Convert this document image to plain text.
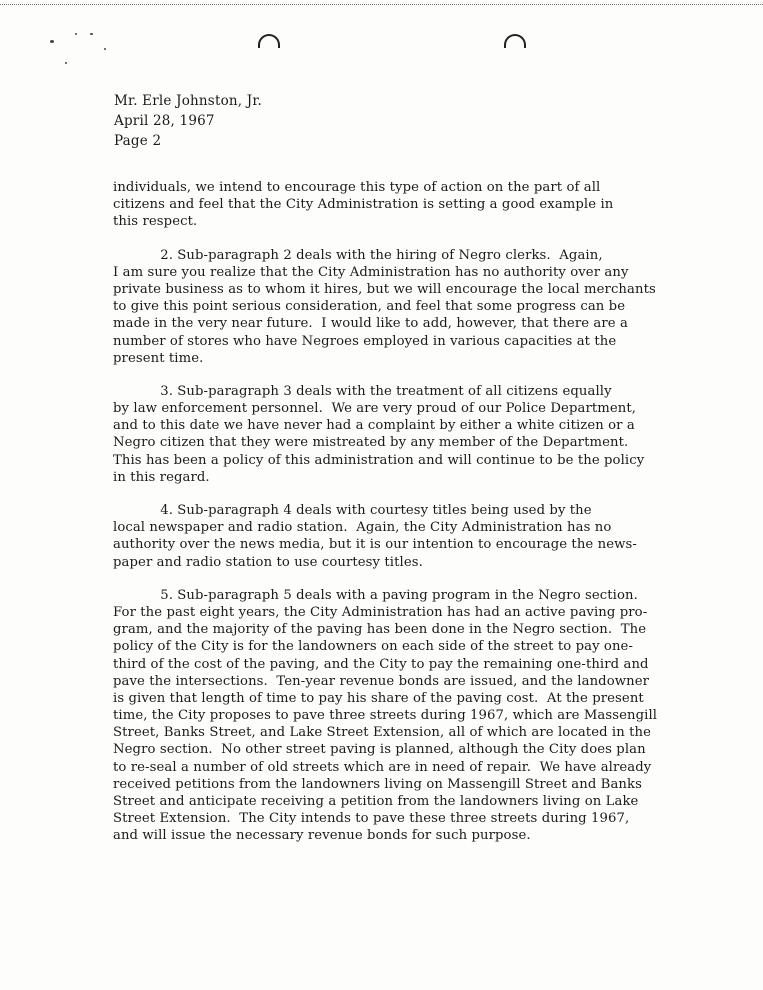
Mr. Erle Johnston, Jr.
April 28, 1967
Page 2
individuals, we intend to encourage this type of action on the part of all
citizens and feel that the City Administration is setting a good example in
this respect.
2. Sub-paragraph 2 deals with the hiring of Negro clerks.  Again,
I am sure you realize that the City Administration has no authority over any
private business as to whom it hires, but we will encourage the local merchants
to give this point serious consideration, and feel that some progress can be
made in the very near future.  I would like to add, however, that there are a
number of stores who have Negroes employed in various capacities at the
present time.
3. Sub-paragraph 3 deals with the treatment of all citizens equally
by law enforcement personnel.  We are very proud of our Police Department,
and to this date we have never had a complaint by either a white citizen or a
Negro citizen that they were mistreated by any member of the Department.
This has been a policy of this administration and will continue to be the policy
in this regard.
4. Sub-paragraph 4 deals with courtesy titles being used by the
local newspaper and radio station.  Again, the City Administration has no
authority over the news media, but it is our intention to encourage the news-
paper and radio station to use courtesy titles.
5. Sub-paragraph 5 deals with a paving program in the Negro section.
For the past eight years, the City Administration has had an active paving pro-
gram, and the majority of the paving has been done in the Negro section.  The
policy of the City is for the landowners on each side of the street to pay one-
third of the cost of the paving, and the City to pay the remaining one-third and
pave the intersections.  Ten-year revenue bonds are issued, and the landowner
is given that length of time to pay his share of the paving cost.  At the present
time, the City proposes to pave three streets during 1967, which are Massengill
Street, Banks Street, and Lake Street Extension, all of which are located in the
Negro section.  No other street paving is planned, although the City does plan
to re-seal a number of old streets which are in need of repair.  We have already
received petitions from the landowners living on Massengill Street and Banks
Street and anticipate receiving a petition from the landowners living on Lake
Street Extension.  The City intends to pave these three streets during 1967,
and will issue the necessary revenue bonds for such purpose.
